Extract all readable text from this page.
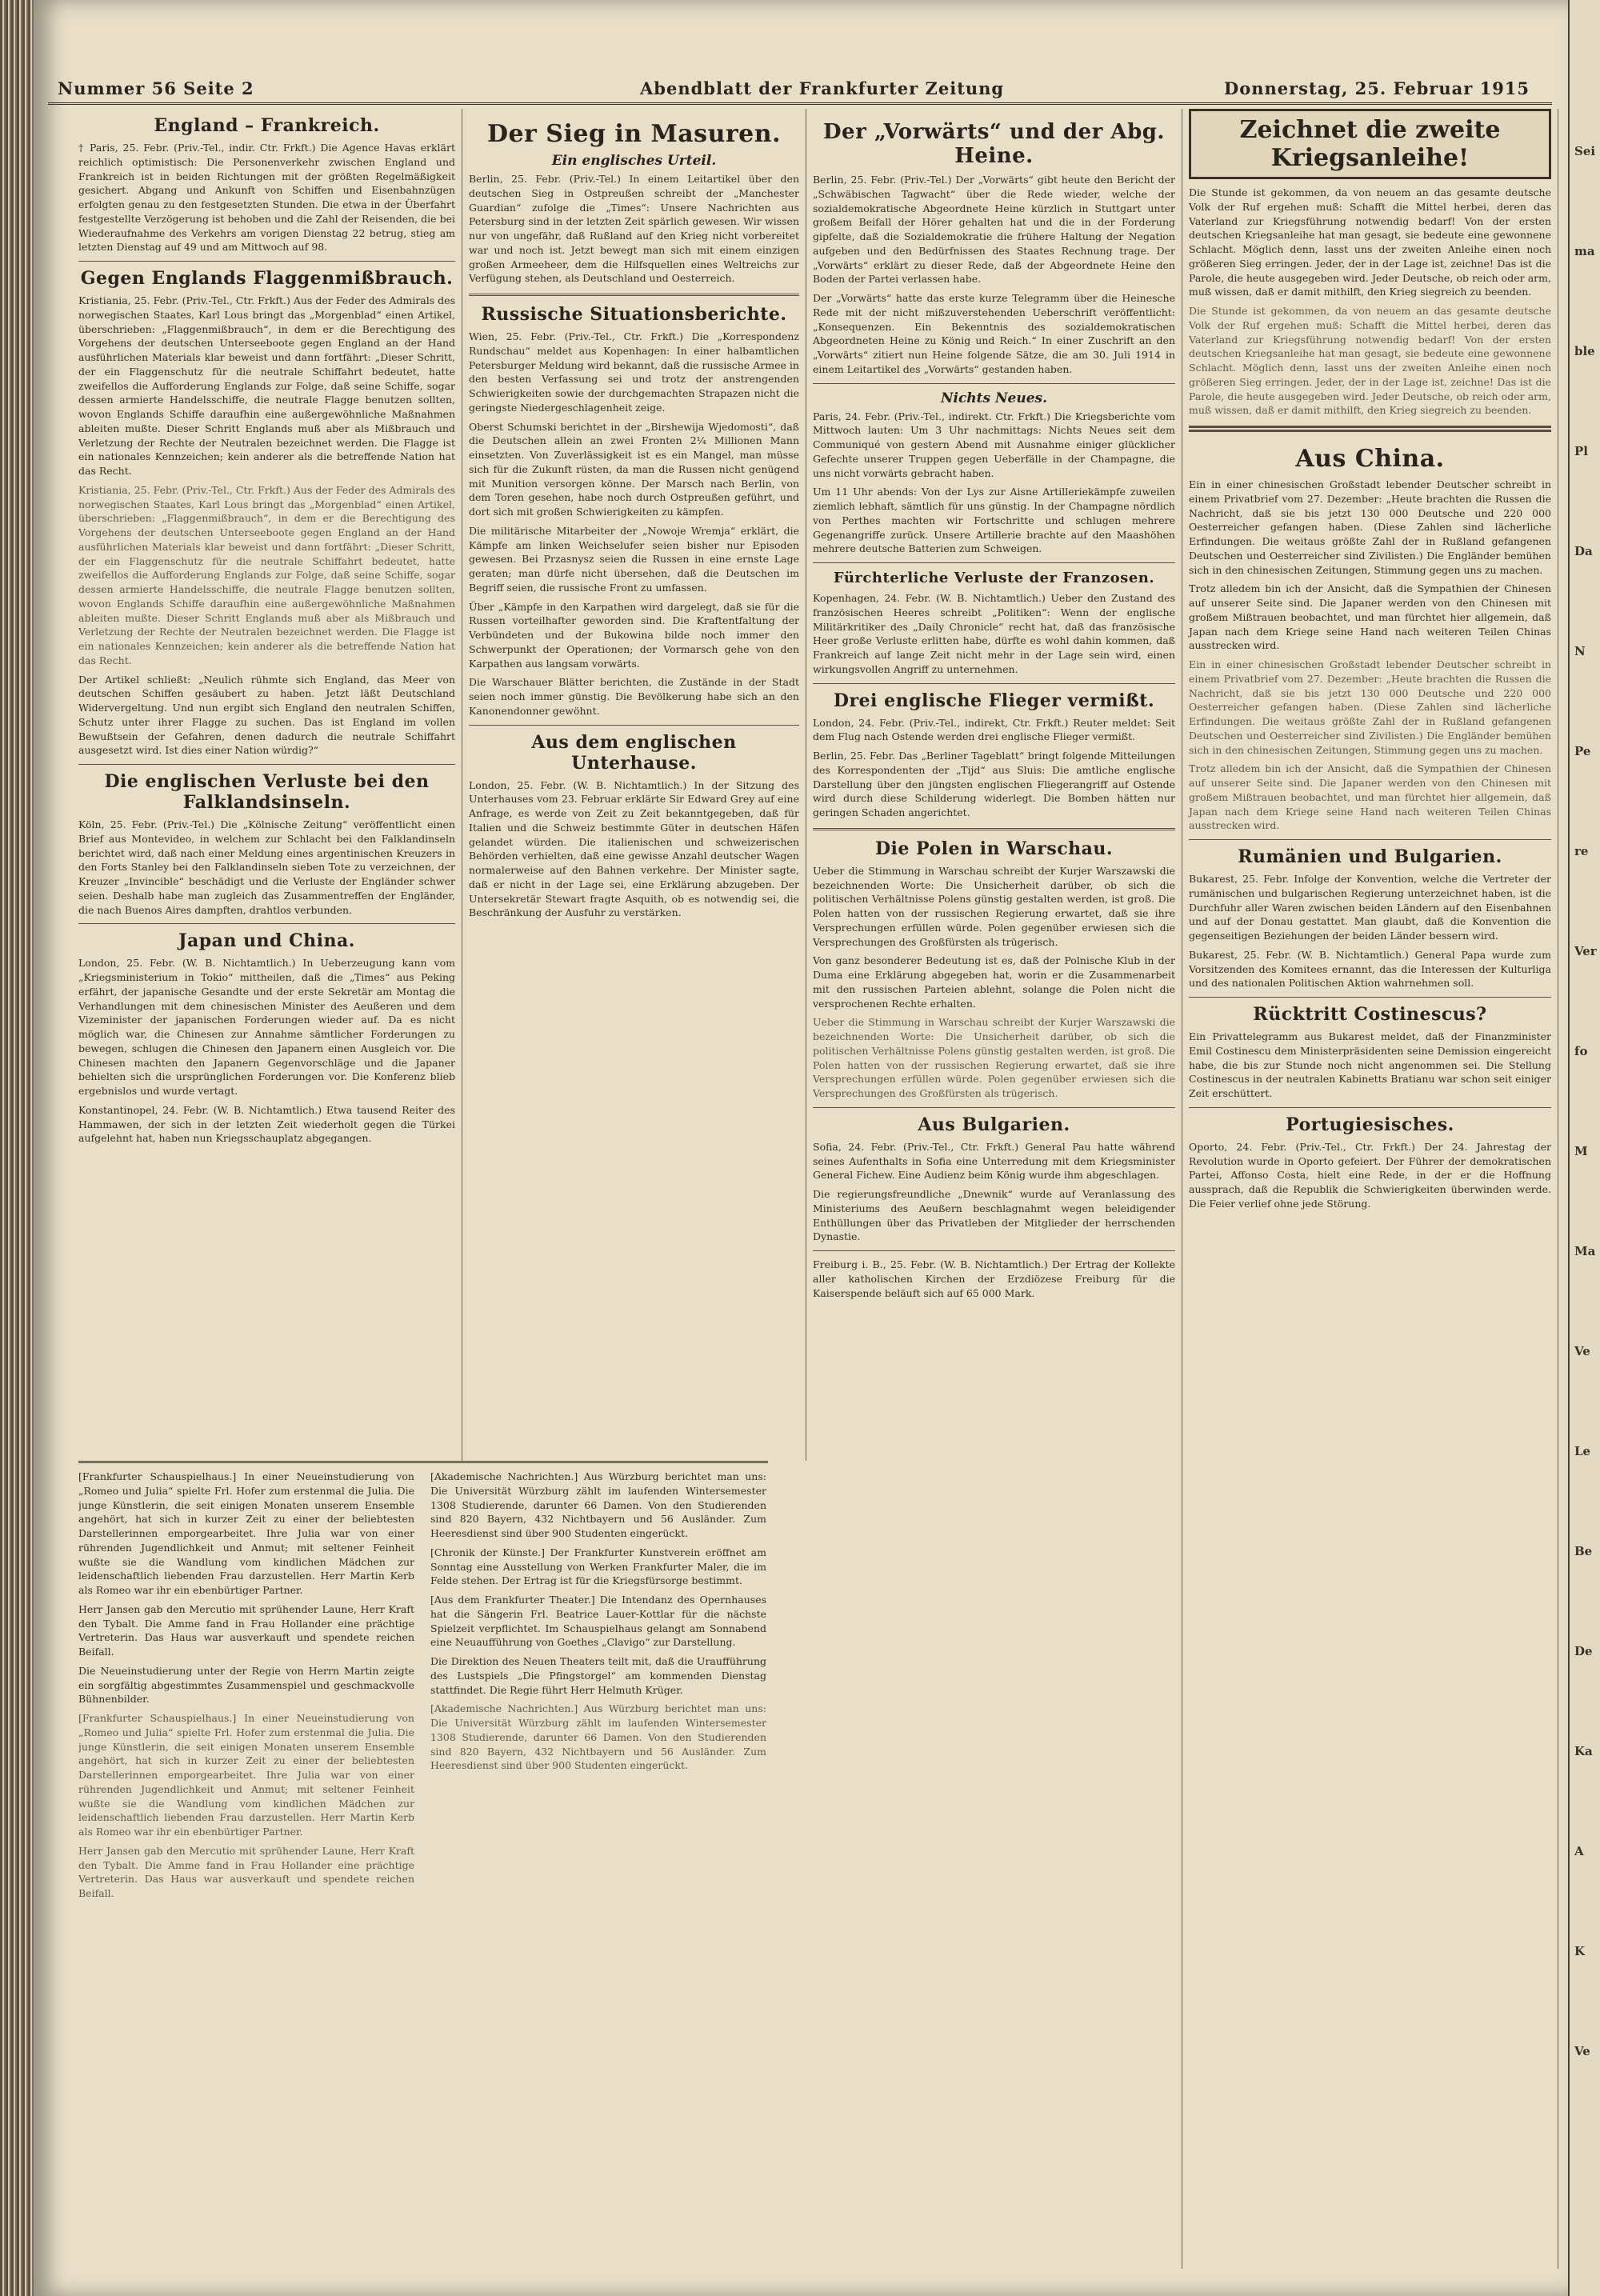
Nummer 56 Seite 2	Abendblatt der Frankfurter Zeitung	Donnerstag, 25. Februar 1915
England – Frankreich.

† Paris, 25. Febr. (Priv.-Tel., indir. Ctr. Frkft.) Die Agence Havas erklärt reichlich optimistisch: Die Personenverkehr zwischen England und Frankreich ist in beiden Richtungen mit der größten Regelmäßigkeit gesichert. Abgang und Ankunft von Schiffen und Eisenbahnzügen erfolgten genau zu den festgesetzten Stunden. Die etwa in der Überfahrt festgestellte Verzögerung ist behoben und die Zahl der Reisenden, die bei Wiederaufnahme des Verkehrs am vorigen Dienstag 22 betrug, stieg am letzten Dienstag auf 49 und am Mittwoch auf 98.

Gegen Englands Flaggenmißbrauch.

Kristiania, 25. Febr. (Priv.-Tel., Ctr. Frkft.) Aus der Feder des Admirals des norwegischen Staates, Karl Lous bringt das „Morgenblad“ einen Artikel, überschrieben: „Flaggenmißbrauch“, in dem er die Berechtigung des Vorgehens der deutschen Unterseeboote gegen England an der Hand ausführlichen Materials klar beweist und dann fortfährt: „Dieser Schritt, der ein Flaggenschutz für die neutrale Schiffahrt bedeutet, hatte zweifellos die Aufforderung Englands zur Folge, daß seine Schiffe, sogar dessen armierte Handelsschiffe, die neutrale Flagge benutzen sollten, wovon Englands Schiffe daraufhin eine außergewöhnliche Maßnahmen ableiten mußte. Dieser Schritt Englands muß aber als Mißbrauch und Verletzung der Rechte der Neutralen bezeichnet werden. Die Flagge ist ein nationales Kennzeichen; kein anderer als die betreffende Nation hat das Recht.

Kristiania, 25. Febr. (Priv.-Tel., Ctr. Frkft.) Aus der Feder des Admirals des norwegischen Staates, Karl Lous bringt das „Morgenblad“ einen Artikel, überschrieben: „Flaggenmißbrauch“, in dem er die Berechtigung des Vorgehens der deutschen Unterseeboote gegen England an der Hand ausführlichen Materials klar beweist und dann fortfährt: „Dieser Schritt, der ein Flaggenschutz für die neutrale Schiffahrt bedeutet, hatte zweifellos die Aufforderung Englands zur Folge, daß seine Schiffe, sogar dessen armierte Handelsschiffe, die neutrale Flagge benutzen sollten, wovon Englands Schiffe daraufhin eine außergewöhnliche Maßnahmen ableiten mußte. Dieser Schritt Englands muß aber als Mißbrauch und Verletzung der Rechte der Neutralen bezeichnet werden. Die Flagge ist ein nationales Kennzeichen; kein anderer als die betreffende Nation hat das Recht.

Der Artikel schließt: „Neulich rühmte sich England, das Meer von deutschen Schiffen gesäubert zu haben. Jetzt läßt Deutschland Widervergeltung. Und nun ergibt sich England den neutralen Schiffen, Schutz unter ihrer Flagge zu suchen. Das ist England im vollen Bewußtsein der Gefahren, denen dadurch die neutrale Schiffahrt ausgesetzt wird. Ist dies einer Nation würdig?“

Die englischen Verluste bei den Falklandsinseln.

Köln, 25. Febr. (Priv.-Tel.) Die „Kölnische Zeitung“ veröffentlicht einen Brief aus Montevideo, in welchem zur Schlacht bei den Falklandinseln berichtet wird, daß nach einer Meldung eines argentinischen Kreuzers in den Forts Stanley bei den Falklandinseln sieben Tote zu verzeichnen, der Kreuzer „Invincible“ beschädigt und die Verluste der Engländer schwer seien. Deshalb habe man zugleich das Zusammentreffen der Engländer, die nach Buenos Aires dampften, drahtlos verbunden.

Japan und China.

London, 25. Febr. (W. B. Nichtamtlich.) In Ueberzeugung kann vom „Kriegsministerium in Tokio“ mittheilen, daß die „Times“ aus Peking erfährt, der japanische Gesandte und der erste Sekretär am Montag die Verhandlungen mit dem chinesischen Minister des Aeußeren und dem Vizeminister der japanischen Forderungen wieder auf. Da es nicht möglich war, die Chinesen zur Annahme sämtlicher Forderungen zu bewegen, schlugen die Chinesen den Japanern einen Ausgleich vor. Die Chinesen machten den Japanern Gegenvorschläge und die Japaner behielten sich die ursprünglichen Forderungen vor. Die Konferenz blieb ergebnislos und wurde vertagt.

Konstantinopel, 24. Febr. (W. B. Nichtamtlich.) Etwa tausend Reiter des Hammawen, der sich in der letzten Zeit wiederholt gegen die Türkei aufgelehnt hat, haben nun Kriegsschauplatz abgegangen.

Der Sieg in Masuren.
Ein englisches Urteil.

Berlin, 25. Febr. (Priv.-Tel.) In einem Leitartikel über den deutschen Sieg in Ostpreußen schreibt der „Manchester Guardian“ zufolge die „Times“: Unsere Nachrichten aus Petersburg sind in der letzten Zeit spärlich gewesen. Wir wissen nur von ungefähr, daß Rußland auf den Krieg nicht vorbereitet war und noch ist. Jetzt bewegt man sich mit einem einzigen großen Armeeheer, dem die Hilfsquellen eines Weltreichs zur Verfügung stehen, als Deutschland und Oesterreich.

Russische Situationsberichte.

Wien, 25. Febr. (Priv.-Tel., Ctr. Frkft.) Die „Korrespondenz Rundschau“ meldet aus Kopenhagen: In einer halbamtlichen Petersburger Meldung wird bekannt, daß die russische Armee in den besten Verfassung sei und trotz der anstrengenden Schwierigkeiten sowie der durchgemachten Strapazen nicht die geringste Niedergeschlagenheit zeige.

Oberst Schumski berichtet in der „Birshewija Wjedomosti“, daß die Deutschen allein an zwei Fronten 2¼ Millionen Mann einsetzten. Von Zuverlässigkeit ist es ein Mangel, man müsse sich für die Zukunft rüsten, da man die Russen nicht genügend mit Munition versorgen könne. Der Marsch nach Berlin, von dem Toren gesehen, habe noch durch Ostpreußen geführt, und dort sich mit großen Schwierigkeiten zu kämpfen.

Die militärische Mitarbeiter der „Nowoje Wremja“ erklärt, die Kämpfe am linken Weichselufer seien bisher nur Episoden gewesen. Bei Przasnysz seien die Russen in eine ernste Lage geraten; man dürfe nicht übersehen, daß die Deutschen im Begriff seien, die russische Front zu umfassen.

Über „Kämpfe in den Karpathen wird dargelegt, daß sie für die Russen vorteilhafter geworden sind. Die Kraftentfaltung der Verbündeten und der Bukowina bilde noch immer den Schwerpunkt der Operationen; der Vormarsch gehe von den Karpathen aus langsam vorwärts.

Die Warschauer Blätter berichten, die Zustände in der Stadt seien noch immer günstig. Die Bevölkerung habe sich an den Kanonendonner gewöhnt.

Aus dem englischen Unterhause.

London, 25. Febr. (W. B. Nichtamtlich.) In der Sitzung des Unterhauses vom 23. Februar erklärte Sir Edward Grey auf eine Anfrage, es werde von Zeit zu Zeit bekanntgegeben, daß für Italien und die Schweiz bestimmte Güter in deutschen Häfen gelandet würden. Die italienischen und schweizerischen Behörden verhielten, daß eine gewisse Anzahl deutscher Wagen normalerweise auf den Bahnen verkehre. Der Minister sagte, daß er nicht in der Lage sei, eine Erklärung abzugeben. Der Untersekretär Stewart fragte Asquith, ob es notwendig sei, die Beschränkung der Ausfuhr zu verstärken.

Der „Vorwärts“ und der Abg. Heine.

Berlin, 25. Febr. (Priv.-Tel.) Der „Vorwärts“ gibt heute den Bericht der „Schwäbischen Tagwacht“ über die Rede wieder, welche der sozialdemokratische Abgeordnete Heine kürzlich in Stuttgart unter großem Beifall der Hörer gehalten hat und die in der Forderung gipfelte, daß die Sozialdemokratie die frühere Haltung der Negation aufgeben und den Bedürfnissen des Staates Rechnung trage. Der „Vorwärts“ erklärt zu dieser Rede, daß der Abgeordnete Heine den Boden der Partei verlassen habe.

Der „Vorwärts“ hatte das erste kurze Telegramm über die Heinesche Rede mit der nicht mißzuverstehenden Ueberschrift veröffentlicht: „Konsequenzen. Ein Bekenntnis des sozialdemokratischen Abgeordneten Heine zu König und Reich.“ In einer Zuschrift an den „Vorwärts“ zitiert nun Heine folgende Sätze, die am 30. Juli 1914 in einem Leitartikel des „Vorwärts“ gestanden haben.

Nichts Neues.

Paris, 24. Febr. (Priv.-Tel., indirekt. Ctr. Frkft.) Die Kriegsberichte vom Mittwoch lauten: Um 3 Uhr nachmittags: Nichts Neues seit dem Communiqué von gestern Abend mit Ausnahme einiger glücklicher Gefechte unserer Truppen gegen Ueberfälle in der Champagne, die uns nicht vorwärts gebracht haben.

Um 11 Uhr abends: Von der Lys zur Aisne Artilleriekämpfe zuweilen ziemlich lebhaft, sämtlich für uns günstig. In der Champagne nördlich von Perthes machten wir Fortschritte und schlugen mehrere Gegenangriffe zurück. Unsere Artillerie brachte auf den Maashöhen mehrere deutsche Batterien zum Schweigen.

Fürchterliche Verluste der Franzosen.

Kopenhagen, 24. Febr. (W. B. Nichtamtlich.) Ueber den Zustand des französischen Heeres schreibt „Politiken“: Wenn der englische Militärkritiker des „Daily Chronicle“ recht hat, daß das französische Heer große Verluste erlitten habe, dürfte es wohl dahin kommen, daß Frankreich auf lange Zeit nicht mehr in der Lage sein wird, einen wirkungsvollen Angriff zu unternehmen.

Drei englische Flieger vermißt.

London, 24. Febr. (Priv.-Tel., indirekt, Ctr. Frkft.) Reuter meldet: Seit dem Flug nach Ostende werden drei englische Flieger vermißt.

Berlin, 25. Febr. Das „Berliner Tageblatt“ bringt folgende Mitteilungen des Korrespondenten der „Tijd“ aus Sluis: Die amtliche englische Darstellung über den jüngsten englischen Fliegerangriff auf Ostende wird durch diese Schilderung widerlegt. Die Bomben hätten nur geringen Schaden angerichtet.

Die Polen in Warschau.

Ueber die Stimmung in Warschau schreibt der Kurjer Warszawski die bezeichnenden Worte: Die Unsicherheit darüber, ob sich die politischen Verhältnisse Polens günstig gestalten werden, ist groß. Die Polen hatten von der russischen Regierung erwartet, daß sie ihre Versprechungen erfüllen würde. Polen gegenüber erwiesen sich die Versprechungen des Großfürsten als trügerisch.

Von ganz besonderer Bedeutung ist es, daß der Polnische Klub in der Duma eine Erklärung abgegeben hat, worin er die Zusammenarbeit mit den russischen Parteien ablehnt, solange die Polen nicht die versprochenen Rechte erhalten.

Ueber die Stimmung in Warschau schreibt der Kurjer Warszawski die bezeichnenden Worte: Die Unsicherheit darüber, ob sich die politischen Verhältnisse Polens günstig gestalten werden, ist groß. Die Polen hatten von der russischen Regierung erwartet, daß sie ihre Versprechungen erfüllen würde. Polen gegenüber erwiesen sich die Versprechungen des Großfürsten als trügerisch.

Aus Bulgarien.

Sofia, 24. Febr. (Priv.-Tel., Ctr. Frkft.) General Pau hatte während seines Aufenthalts in Sofia eine Unterredung mit dem Kriegsminister General Fichew. Eine Audienz beim König wurde ihm abgeschlagen.

Die regierungsfreundliche „Dnewnik“ wurde auf Veranlassung des Ministeriums des Aeußern beschlagnahmt wegen beleidigender Enthüllungen über das Privatleben der Mitglieder der herrschenden Dynastie.

Freiburg i. B., 25. Febr. (W. B. Nichtamtlich.) Der Ertrag der Kollekte aller katholischen Kirchen der Erzdiözese Freiburg für die Kaiserspende beläuft sich auf 65 000 Mark.

Zeichnet die zweite Kriegsanleihe!

Die Stunde ist gekommen, da von neuem an das gesamte deutsche Volk der Ruf ergehen muß: Schafft die Mittel herbei, deren das Vaterland zur Kriegsführung notwendig bedarf! Von der ersten deutschen Kriegsanleihe hat man gesagt, sie bedeute eine gewonnene Schlacht. Möglich denn, lasst uns der zweiten Anleihe einen noch größeren Sieg erringen. Jeder, der in der Lage ist, zeichne! Das ist die Parole, die heute ausgegeben wird. Jeder Deutsche, ob reich oder arm, muß wissen, daß er damit mithilft, den Krieg siegreich zu beenden.

Die Stunde ist gekommen, da von neuem an das gesamte deutsche Volk der Ruf ergehen muß: Schafft die Mittel herbei, deren das Vaterland zur Kriegsführung notwendig bedarf! Von der ersten deutschen Kriegsanleihe hat man gesagt, sie bedeute eine gewonnene Schlacht. Möglich denn, lasst uns der zweiten Anleihe einen noch größeren Sieg erringen. Jeder, der in der Lage ist, zeichne! Das ist die Parole, die heute ausgegeben wird. Jeder Deutsche, ob reich oder arm, muß wissen, daß er damit mithilft, den Krieg siegreich zu beenden.

Aus China.

Ein in einer chinesischen Großstadt lebender Deutscher schreibt in einem Privatbrief vom 27. Dezember: „Heute brachten die Russen die Nachricht, daß sie bis jetzt 130 000 Deutsche und 220 000 Oesterreicher gefangen haben. (Diese Zahlen sind lächerliche Erfindungen. Die weitaus größte Zahl der in Rußland gefangenen Deutschen und Oesterreicher sind Zivilisten.) Die Engländer bemühen sich in den chinesischen Zeitungen, Stimmung gegen uns zu machen.

Trotz alledem bin ich der Ansicht, daß die Sympathien der Chinesen auf unserer Seite sind. Die Japaner werden von den Chinesen mit großem Mißtrauen beobachtet, und man fürchtet hier allgemein, daß Japan nach dem Kriege seine Hand nach weiteren Teilen Chinas ausstrecken wird.

Ein in einer chinesischen Großstadt lebender Deutscher schreibt in einem Privatbrief vom 27. Dezember: „Heute brachten die Russen die Nachricht, daß sie bis jetzt 130 000 Deutsche und 220 000 Oesterreicher gefangen haben. (Diese Zahlen sind lächerliche Erfindungen. Die weitaus größte Zahl der in Rußland gefangenen Deutschen und Oesterreicher sind Zivilisten.) Die Engländer bemühen sich in den chinesischen Zeitungen, Stimmung gegen uns zu machen.

Trotz alledem bin ich der Ansicht, daß die Sympathien der Chinesen auf unserer Seite sind. Die Japaner werden von den Chinesen mit großem Mißtrauen beobachtet, und man fürchtet hier allgemein, daß Japan nach dem Kriege seine Hand nach weiteren Teilen Chinas ausstrecken wird.

Rumänien und Bulgarien.

Bukarest, 25. Febr. Infolge der Konvention, welche die Vertreter der rumänischen und bulgarischen Regierung unterzeichnet haben, ist die Durchfuhr aller Waren zwischen beiden Ländern auf den Eisenbahnen und auf der Donau gestattet. Man glaubt, daß die Konvention die gegenseitigen Beziehungen der beiden Länder bessern wird.

Bukarest, 25. Febr. (W. B. Nichtamtlich.) General Papa wurde zum Vorsitzenden des Komitees ernannt, das die Interessen der Kulturliga und des nationalen Politischen Aktion wahrnehmen soll.

Rücktritt Costinescus?

Ein Privattelegramm aus Bukarest meldet, daß der Finanzminister Emil Costinescu dem Ministerpräsidenten seine Demission eingereicht habe, die bis zur Stunde noch nicht angenommen sei. Die Stellung Costinescus in der neutralen Kabinetts Bratianu war schon seit einiger Zeit erschüttert.

Portugiesisches.

Oporto, 24. Febr. (Priv.-Tel., Ctr. Frkft.) Der 24. Jahrestag der Revolution wurde in Oporto gefeiert. Der Führer der demokratischen Partei, Affonso Costa, hielt eine Rede, in der er die Hoffnung aussprach, daß die Republik die Schwierigkeiten überwinden werde. Die Feier verlief ohne jede Störung.

[Frankfurter Schauspielhaus.] In einer Neueinstudierung von „Romeo und Julia“ spielte Frl. Hofer zum erstenmal die Julia. Die junge Künstlerin, die seit einigen Monaten unserem Ensemble angehört, hat sich in kurzer Zeit zu einer der beliebtesten Darstellerinnen emporgearbeitet. Ihre Julia war von einer rührenden Jugendlichkeit und Anmut; mit seltener Feinheit wußte sie die Wandlung vom kindlichen Mädchen zur leidenschaftlich liebenden Frau darzustellen. Herr Martin Kerb als Romeo war ihr ein ebenbürtiger Partner.

Herr Jansen gab den Mercutio mit sprühender Laune, Herr Kraft den Tybalt. Die Amme fand in Frau Hollander eine prächtige Vertreterin. Das Haus war ausverkauft und spendete reichen Beifall.

Die Neueinstudierung unter der Regie von Herrn Martin zeigte ein sorgfältig abgestimmtes Zusammenspiel und geschmackvolle Bühnenbilder.

[Frankfurter Schauspielhaus.] In einer Neueinstudierung von „Romeo und Julia“ spielte Frl. Hofer zum erstenmal die Julia. Die junge Künstlerin, die seit einigen Monaten unserem Ensemble angehört, hat sich in kurzer Zeit zu einer der beliebtesten Darstellerinnen emporgearbeitet. Ihre Julia war von einer rührenden Jugendlichkeit und Anmut; mit seltener Feinheit wußte sie die Wandlung vom kindlichen Mädchen zur leidenschaftlich liebenden Frau darzustellen. Herr Martin Kerb als Romeo war ihr ein ebenbürtiger Partner.

Herr Jansen gab den Mercutio mit sprühender Laune, Herr Kraft den Tybalt. Die Amme fand in Frau Hollander eine prächtige Vertreterin. Das Haus war ausverkauft und spendete reichen Beifall.

[Akademische Nachrichten.] Aus Würzburg berichtet man uns: Die Universität Würzburg zählt im laufenden Wintersemester 1308 Studierende, darunter 66 Damen. Von den Studierenden sind 820 Bayern, 432 Nichtbayern und 56 Ausländer. Zum Heeresdienst sind über 900 Studenten eingerückt.

[Chronik der Künste.] Der Frankfurter Kunstverein eröffnet am Sonntag eine Ausstellung von Werken Frankfurter Maler, die im Felde stehen. Der Ertrag ist für die Kriegsfürsorge bestimmt.

[Aus dem Frankfurter Theater.] Die Intendanz des Opernhauses hat die Sängerin Frl. Beatrice Lauer-Kottlar für die nächste Spielzeit verpflichtet. Im Schauspielhaus gelangt am Sonnabend eine Neuaufführung von Goethes „Clavigo“ zur Darstellung.

Die Direktion des Neuen Theaters teilt mit, daß die Uraufführung des Lustspiels „Die Pfingstorgel“ am kommenden Dienstag stattfindet. Die Regie führt Herr Helmuth Krüger.

[Akademische Nachrichten.] Aus Würzburg berichtet man uns: Die Universität Würzburg zählt im laufenden Wintersemester 1308 Studierende, darunter 66 Damen. Von den Studierenden sind 820 Bayern, 432 Nichtbayern und 56 Ausländer. Zum Heeresdienst sind über 900 Studenten eingerückt.

Sei
ma
ble
Pl
Da
N
Pe
re
Ver
fo
M
Ma
Ve
Le
Be
De
Ka
A
K
Ve
